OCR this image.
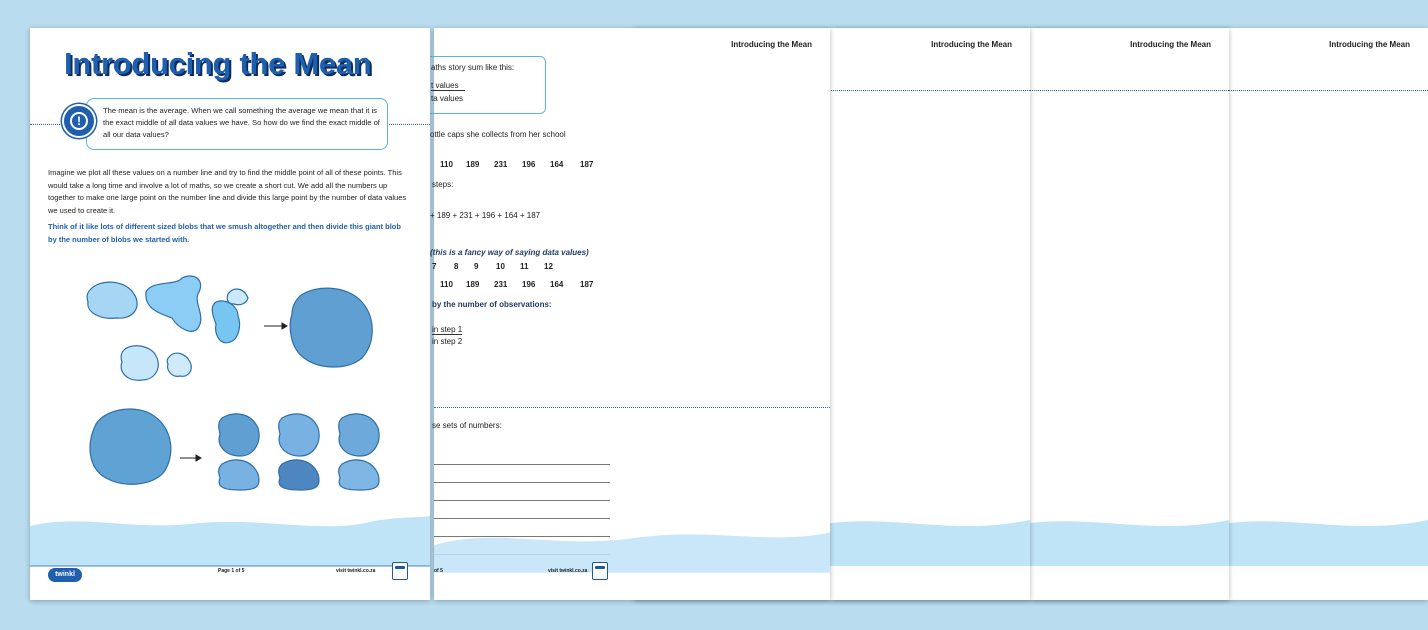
Introducing the Mean
Introducing the Mean
Introducing the Mean
Introducing the Mean
aths story sum like this:
t values
ta values
ottle caps she collects from her school
110 189 231 196 164 187
steps:
+ 189 + 231 + 196 + 164 + 187
(this is a fancy way of saying data values)
7 8 9 10 11 12
110 189 231 196 164 187
by the number of observations:
in step 1
in step 2
se sets of numbers:
of 5	visit twinkl.co.za
Introducing the Mean
The mean is the average. When we call something the average we mean that it is the exact middle of all data values we have. So how do we find the exact middle of all our data values?
!
Imagine we plot all these values on a number line and try to find the middle point of all of these points. This would take a long time and involve a lot of maths, so we create a short cut. We add all the numbers up together to make one large point on the number line and divide this large point by the number of data values we used to create it.
Think of it like lots of different sized blobs that we smush altogether and then divide this giant blob by the number of blobs we started with.
twinkl	Page 1 of 5	visit twinkl.co.za
